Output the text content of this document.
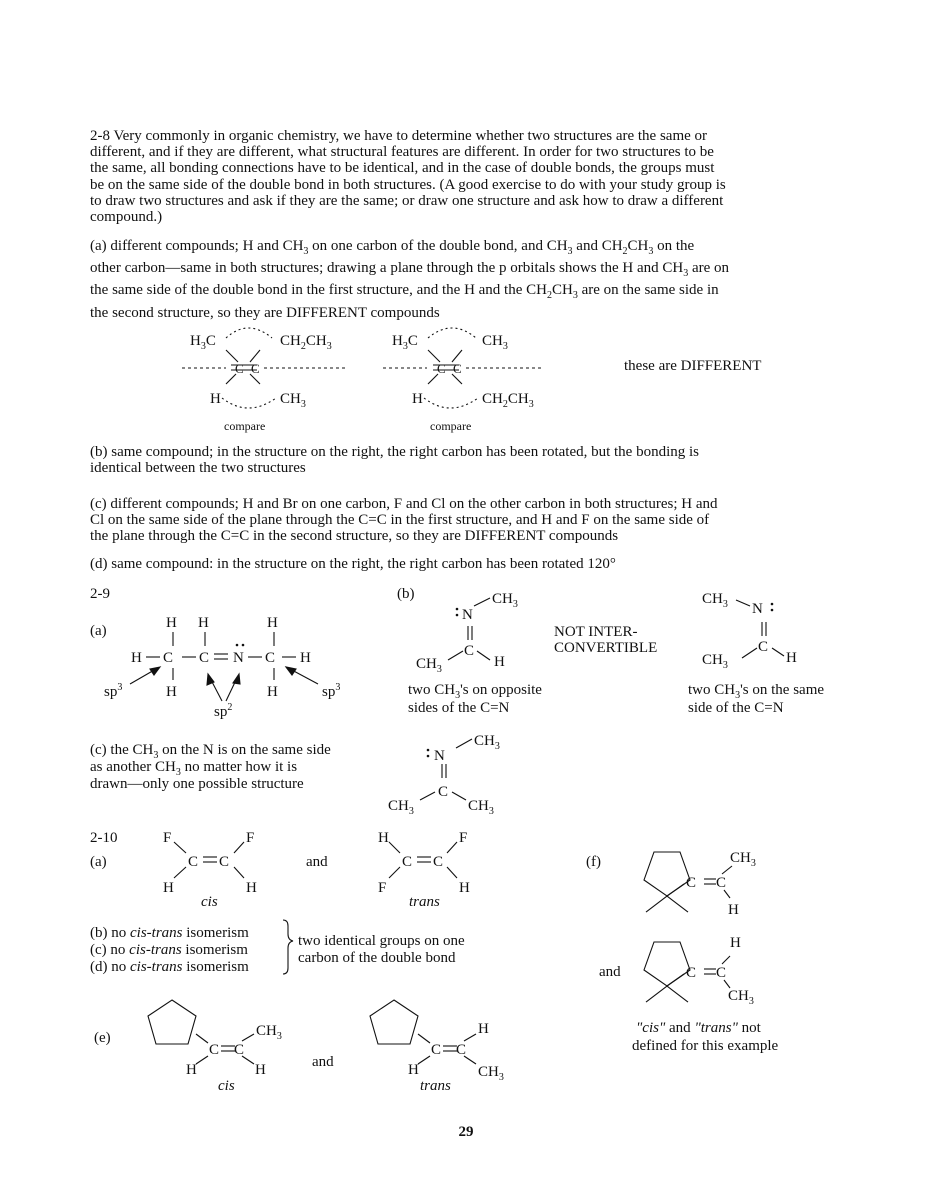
2-8 Very commonly in organic chemistry, we have to determine whether two structures are the same or
different, and if they are different, what structural features are different. In order for two structures to be
the same, all bonding connections have to be identical, and in the case of double bonds, the groups must
be on the same side of the double bond in both structures. (A good exercise to do with your study group is
to draw two structures and ask if they are the same; or draw one structure and ask how to draw a different
compound.)
(a) different compounds; H and $CH_3$ on one carbon of the double bond, and $CH_3$ and $CH_2CH_3$ on the
other carbon—same in both structures; drawing a plane through the p orbitals shows the H and $CH_3$ are on
the same side of the double bond in the first structure, and the H and the $CH_2CH_3$ are on the same side in
the second structure, so they are DIFFERENT compounds
(b) same compound; in the structure on the right, the right carbon has been rotated, but the bonding is
identical between the two structures
(c) different compounds; H and Br on one carbon, F and Cl on the other carbon in both structures; H and
Cl on the same side of the plane through the C=C in the first structure, and H and F on the same side of
the plane through the C=C in the second structure, so they are DIFFERENT compounds
(d) same compound: in the structure on the right, the right carbon has been rotated 120°
$H_3C$	$CH_2CH_3$
C C
H	$CH_3$
compare
$H_3C$	$CH_3$
C C
H	$CH_2CH_3$
compare
these are DIFFERENT
2-9
(a)
(b)
H H	H
H C C N C H
H	H
$sp^3$
$sp^2$
$sp^3$
$CH_3$
N
C
$CH_3$	H
two $CH_3's$ on opposite
sides of the C=N
NOT INTER-
CONVERTIBLE
$CH_3$ N
C
$CH_3$	H
two $CH_3's$ on the same
side of the C=N
(c) the $CH_3$ on the N is on the same side
as another $CH_3$ no matter how it is
drawn—only one possible structure
$CH_3$
N
C
$CH_3$	$CH_3$
2-10
(a)
F	F
C C
H	H
cis
and
H	F
C C
F	H
trans
(b) no cis-trans isomerism
(c) no cis-trans isomerism
(d) no cis-trans isomerism
two identical groups on one
carbon of the double bond
(e)
C C
$CH_3$
H	H
cis
and
C C
H
H	$CH_3$
trans
(f)
C C
$CH_3$
H
and	C C
H
$CH_3$
"cis" and "trans" not
defined for this example
29
